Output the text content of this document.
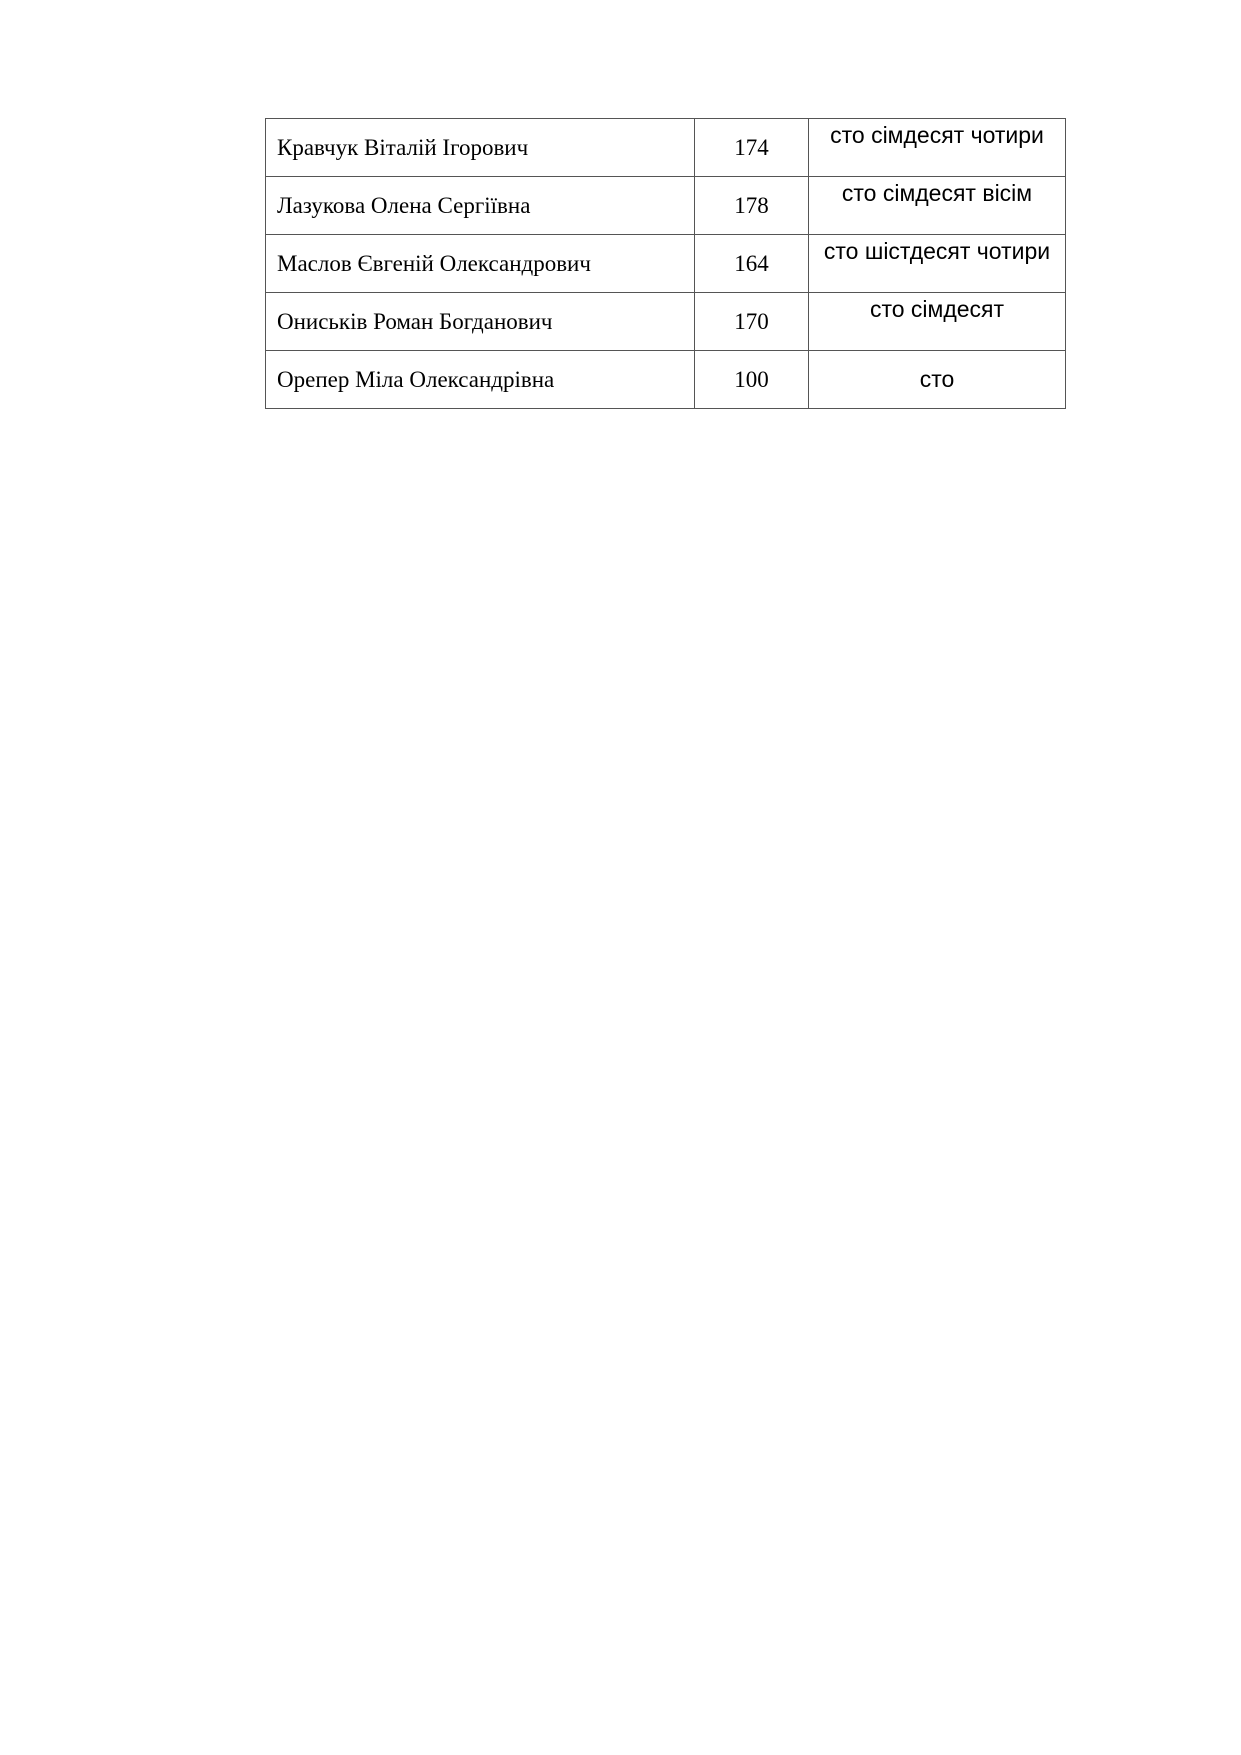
Кравчук Віталій Ігорович	174	сто сімдесят чотири
Лазукова Олена Сергіївна	178	сто сімдесят вісім
Маслов Євгеній Олександрович	164	сто шістдесят чотири
Oниськів Роман Богданович	170	сто сімдесят
Орепер Міла Олександрівна	100	сто
